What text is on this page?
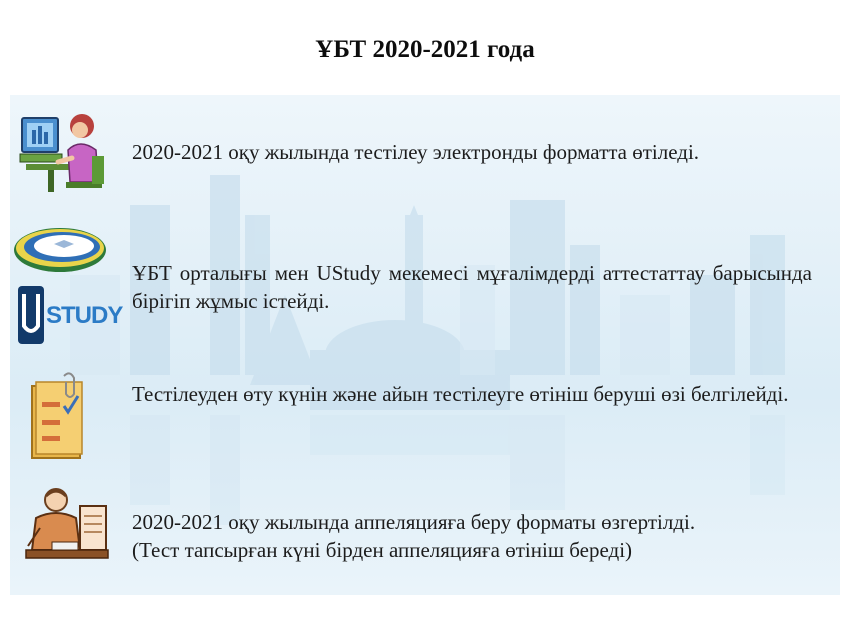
ҰБТ 2020-2021 года
2020-2021 оқу жылында тестілеу электронды форматта өтіледі.
STUDY
ҰБТ орталығы мен UStudy мекемесі мұғалімдерді аттестаттау барысында бірігіп жұмыс істейді.
Тестілеуден өту күнін және айын тестілеуге өтініш беруші өзі белгілейді.
2020-2021 оқу жылында аппеляцияға беру форматы өзгертілді. (Тест тапсырған күні бірден аппеляцияға өтініш береді)
